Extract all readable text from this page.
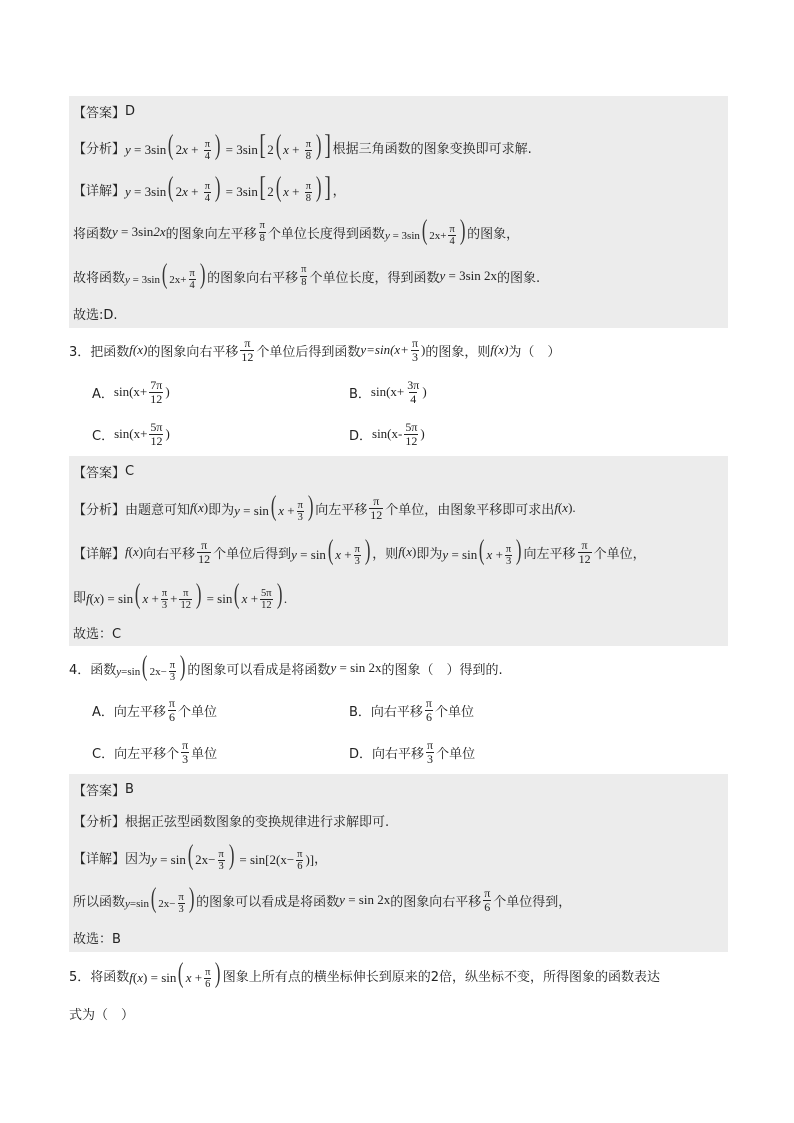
【答案】 D
【分析】 y = 3sin( $2x + \frac{\pi}{4}$ ) = 3sin[2( $x + \frac{\pi}{8}$ ) ] 根据三角函数的图象变换即可求解.
【详解】 y = 3sin( $2x + \frac{\pi}{4}$ ) = 3sin[2( $x + \frac{\pi}{8}$ ) ] ，
将函数 y = 3sin2x 的图象向左平移 $\frac{\pi}{8}$ 个单位长度得到函数 y = 3sin( $2x+ \frac{\pi}{4}$ ) 的图象，
故将函数 y = 3sin( $2x+ \frac{\pi}{4}$ ) 的图象向右平移 $\frac{\pi}{8}$ 个单位长度，得到函数 y = 3sin 2x 的图象.
故选:D.
3．把函数 f(x) 的图象向右平移 $\frac{\pi}{12}$ 个单位后得到函数 $y=\sin(x+ \frac{\pi}{3}$ ) 的图象，则 f(x) 为（　）
A． $\sin(x+ \frac{7\pi}{12}$ )	B． $\sin(x+ \frac{3\pi}{4}$ )
C． $\sin(x+ \frac{5\pi}{12}$ )	D． $\sin(x- \frac{5\pi}{12}$ )
【答案】 C
【分析】 由题意可知 f(x) 即为 y = sin( $x + \frac{\pi}{3}$ ) 向左平移 $\frac{\pi}{12}$ 个单位，由图象平移即可求出 f(x).
【详解】 f(x) 向右平移 $\frac{\pi}{12}$ 个单位后得到 y = sin( $x + \frac{\pi}{3}$ ) ，则 f(x) 即为 y = sin( $x + \frac{\pi}{3}$ ) 向左平移 $\frac{\pi}{12}$ 个单位，
即 f(x) = sin( $x + \frac{\pi}{3} + \frac{\pi}{12}$ ) = sin( $x + \frac{5\pi}{12}$ ) .
故选：C
4．函数 y=sin( $2x- \frac{\pi}{3}$ ) 的图象可以看成是将函数 y = sin 2x 的图象（　）得到的.
A．向左平移 $\frac{\pi}{6}$ 个单位	B．向右平移 $\frac{\pi}{6}$ 个单位
C．向左平移个 $\frac{\pi}{3}$ 单位	D．向右平移 $\frac{\pi}{3}$ 个单位
【答案】 B
【分析】 根据正弦型函数图象的变换规律进行求解即可.
【详解】 因为 y = sin( $2x- \frac{\pi}{3}$ ) = $\sin[2(x- \frac{\pi}{6}$ )] ，
所以函数 y=sin( $2x- \frac{\pi}{3}$ ) 的图象可以看成是将函数 y = sin 2x 的图象向右平移 $\frac{\pi}{6}$ 个单位得到，
故选：B
5．将函数 f(x) = sin( $x + \frac{\pi}{6}$ ) 图象上所有点的横坐标伸长到原来的2倍，纵坐标不变，所得图象的函数表达
式为（　）
